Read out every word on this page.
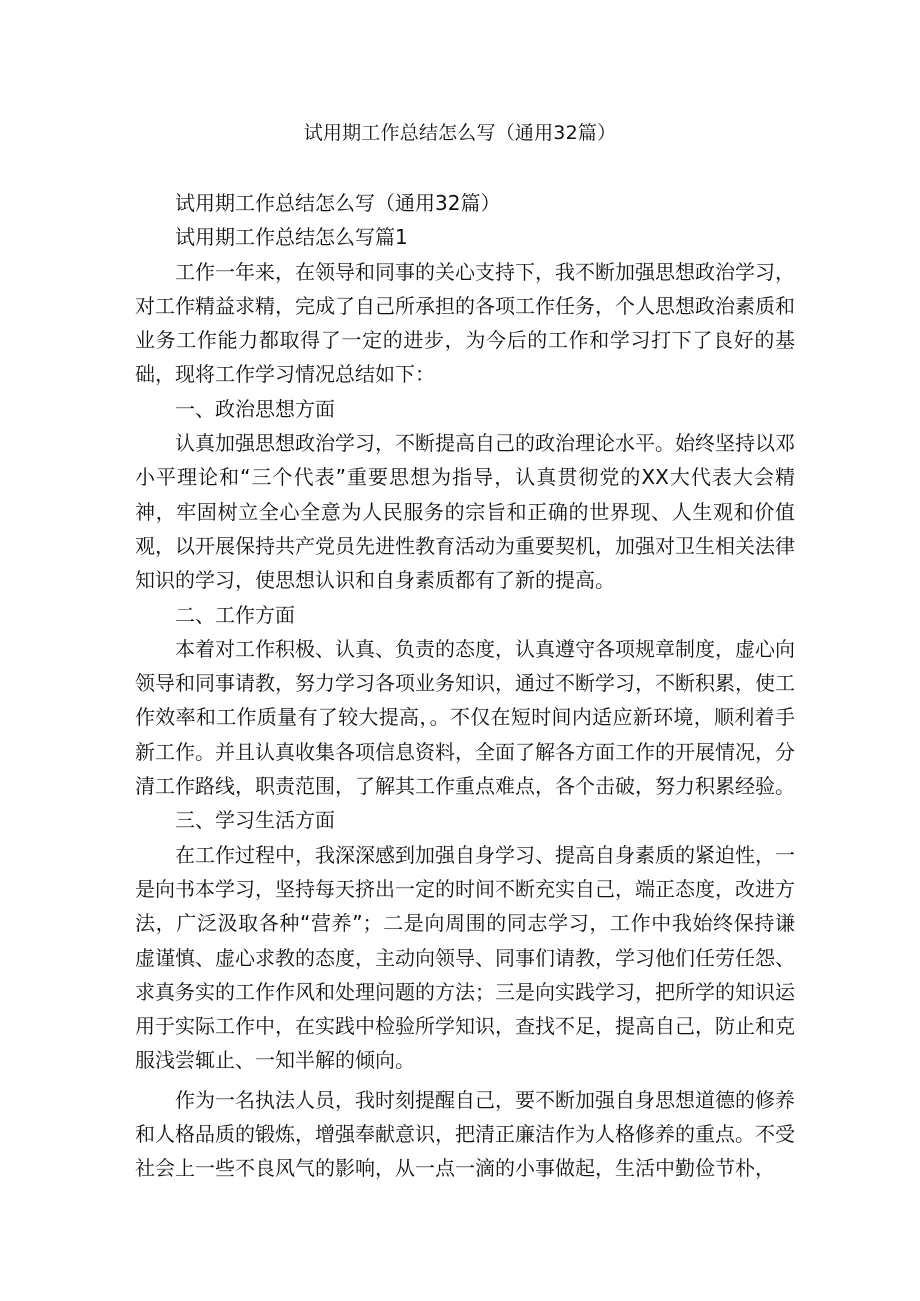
试用期工作总结怎么写（通用32篇）

试用期工作总结怎么写（通用32篇）

试用期工作总结怎么写篇1

工作一年来，在领导和同事的关心支持下，我不断加强思想政治学习，对工作精益求精，完成了自己所承担的各项工作任务，个人思想政治素质和业务工作能力都取得了一定的进步，为今后的工作和学习打下了良好的基础，现将工作学习情况总结如下：

一、政治思想方面

认真加强思想政治学习，不断提高自己的政治理论水平。始终坚持以邓小平理论和“三个代表”重要思想为指导，认真贯彻党的XX大代表大会精神，牢固树立全心全意为人民服务的宗旨和正确的世界现、人生观和价值观，以开展保持共产党员先进性教育活动为重要契机，加强对卫生相关法律知识的学习，使思想认识和自身素质都有了新的提高。

二、工作方面

本着对工作积极、认真、负责的态度，认真遵守各项规章制度，虚心向领导和同事请教，努力学习各项业务知识，通过不断学习，不断积累，使工作效率和工作质量有了较大提高，。不仅在短时间内适应新环境，顺利着手新工作。并且认真收集各项信息资料，全面了解各方面工作的开展情况，分清工作路线，职责范围，了解其工作重点难点，各个击破，努力积累经验。

三、学习生活方面

在工作过程中，我深深感到加强自身学习、提高自身素质的紧迫性，一是向书本学习，坚持每天挤出一定的时间不断充实自己，端正态度，改进方法，广泛汲取各种“营养”；二是向周围的同志学习，工作中我始终保持谦虚谨慎、虚心求教的态度，主动向领导、同事们请教，学习他们任劳任怨、求真务实的工作作风和处理问题的方法；三是向实践学习，把所学的知识运用于实际工作中，在实践中检验所学知识，查找不足，提高自己，防止和克服浅尝辄止、一知半解的倾向。

作为一名执法人员，我时刻提醒自己，要不断加强自身思想道德的修养和人格品质的锻炼，增强奉献意识，把清正廉洁作为人格修养的重点。不受社会上一些不良风气的影响，从一点一滴的小事做起，生活中勤俭节朴，
